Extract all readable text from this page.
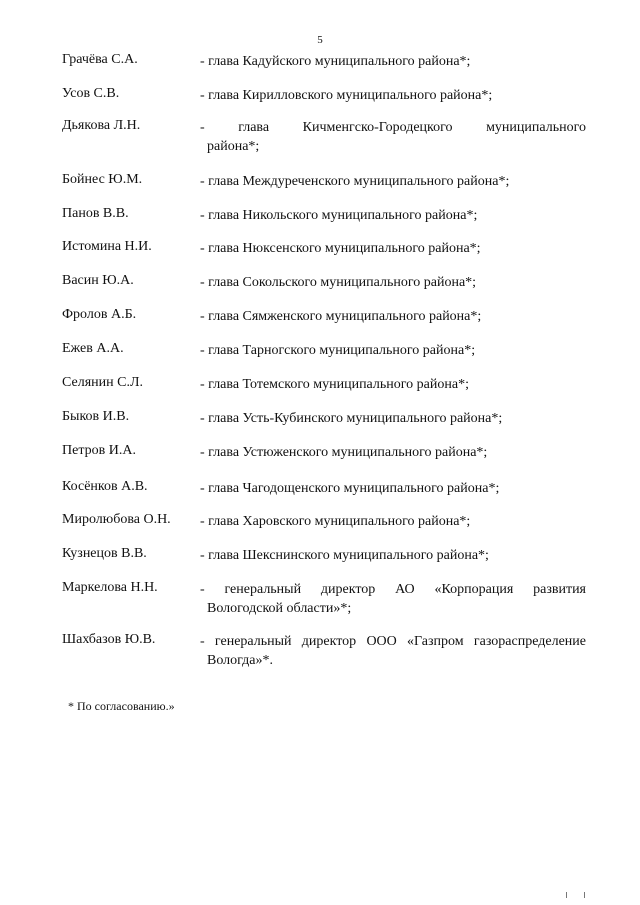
5
Грачёва С.А.	- глава Кадуйского муниципального района*;
Усов С.В.	- глава Кирилловского муниципального района*;
Дьякова Л.Н.	- глава Кичменгско-Городецкого муниципального
района*;
Бойнес Ю.М.	- глава Междуреченского муниципального района*;
Панов В.В.	- глава Никольского муниципального района*;
Истомина Н.И.	- глава Нюксенского муниципального района*;
Васин Ю.А.	- глава Сокольского муниципального района*;
Фролов А.Б.	- глава Сямженского муниципального района*;
Ежев А.А.	- глава Тарногского муниципального района*;
Селянин С.Л.	- глава Тотемского муниципального района*;
Быков И.В.	- глава Усть-Кубинского муниципального района*;
Петров И.А.	- глава Устюженского муниципального района*;
Косёнков А.В.	- глава Чагодощенского муниципального района*;
Миролюбова О.Н. - глава Харовского муниципального района*;
Кузнецов В.В.	- глава Шекснинского муниципального района*;
Маркелова Н.Н.	- генеральный директор АО «Корпорация развития
Вологодской области»*;
Шахбазов Ю.В.	- генеральный директор ООО «Газпром газораспределение
Вологда»*.
* По согласованию.»
